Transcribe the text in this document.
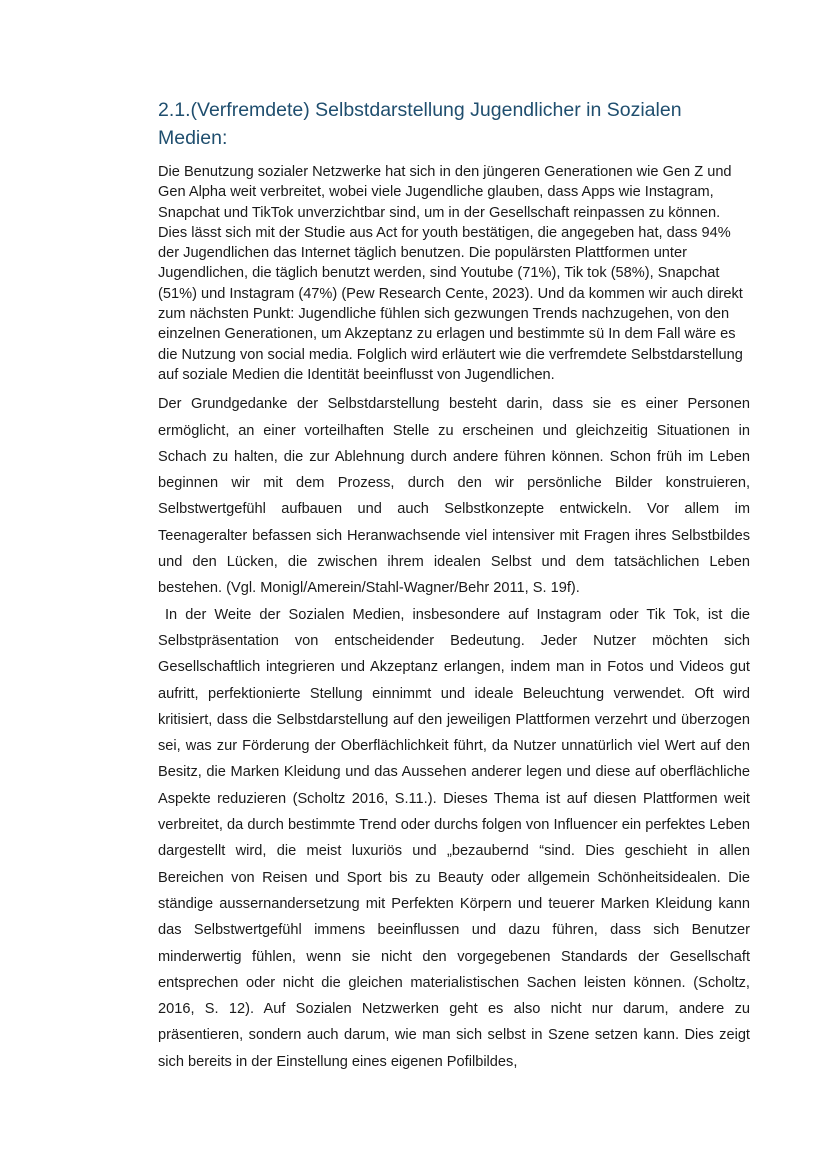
2.1.(Verfremdete) Selbstdarstellung Jugendlicher in Sozialen Medien:

Die Benutzung sozialer Netzwerke hat sich in den jüngeren Generationen wie Gen Z und Gen Alpha weit verbreitet, wobei viele Jugendliche glauben, dass Apps wie Instagram, Snapchat und TikTok unverzichtbar sind, um in der Gesellschaft reinpassen zu können. Dies lässt sich mit der Studie aus Act for youth bestätigen, die angegeben hat, dass 94% der Jugendlichen das Internet täglich benutzen. Die populärsten Plattformen unter Jugendlichen, die täglich benutzt werden, sind Youtube (71%), Tik tok (58%), Snapchat (51%) und Instagram (47%) (Pew Research Cente, 2023). Und da kommen wir auch direkt zum nächsten Punkt: Jugendliche fühlen sich gezwungen Trends nachzugehen, von den einzelnen Generationen, um Akzeptanz zu erlagen und bestimmte sü In dem Fall wäre es die Nutzung von social media. Folglich wird erläutert wie die verfremdete Selbstdarstellung auf soziale Medien die Identität beeinflusst von Jugendlichen.

Der Grundgedanke der Selbstdarstellung besteht darin, dass sie es einer Personen ermöglicht, an einer vorteilhaften Stelle zu erscheinen und gleichzeitig Situationen in Schach zu halten, die zur Ablehnung durch andere führen können. Schon früh im Leben beginnen wir mit dem Prozess, durch den wir persönliche Bilder konstruieren, Selbstwertgefühl aufbauen und auch Selbstkonzepte entwickeln. Vor allem im Teenageralter befassen sich Heranwachsende viel intensiver mit Fragen ihres Selbstbildes und den Lücken, die zwischen ihrem idealen Selbst und dem tatsächlichen Leben bestehen. (Vgl. Monigl/Amerein/Stahl-Wagner/Behr 2011, S. 19f).

In der Weite der Sozialen Medien, insbesondere auf Instagram oder Tik Tok, ist die Selbstpräsentation von entscheidender Bedeutung. Jeder Nutzer möchten sich Gesellschaftlich integrieren und Akzeptanz erlangen, indem man in Fotos und Videos gut aufritt, perfektionierte Stellung einnimmt und ideale Beleuchtung verwendet. Oft wird kritisiert, dass die Selbstdarstellung auf den jeweiligen Plattformen verzehrt und überzogen sei, was zur Förderung der Oberflächlichkeit führt, da Nutzer unnatürlich viel Wert auf den Besitz, die Marken Kleidung und das Aussehen anderer legen und diese auf oberflächliche Aspekte reduzieren (Scholtz 2016, S.11.). Dieses Thema ist auf diesen Plattformen weit verbreitet, da durch bestimmte Trend oder durchs folgen von Influencer ein perfektes Leben dargestellt wird, die meist luxuriös und „bezaubernd “sind. Dies geschieht in allen Bereichen von Reisen und Sport bis zu Beauty oder allgemein Schönheitsidealen. Die ständige aussernandersetzung mit Perfekten Körpern und teuerer Marken Kleidung kann das Selbstwertgefühl immens beeinflussen und dazu führen, dass sich Benutzer minderwertig fühlen, wenn sie nicht den vorgegebenen Standards der Gesellschaft entsprechen oder nicht die gleichen materialistischen Sachen leisten können. (Scholtz, 2016, S. 12). Auf Sozialen Netzwerken geht es also nicht nur darum, andere zu präsentieren, sondern auch darum, wie man sich selbst in Szene setzen kann. Dies zeigt sich bereits in der Einstellung eines eigenen Pofilbildes,
